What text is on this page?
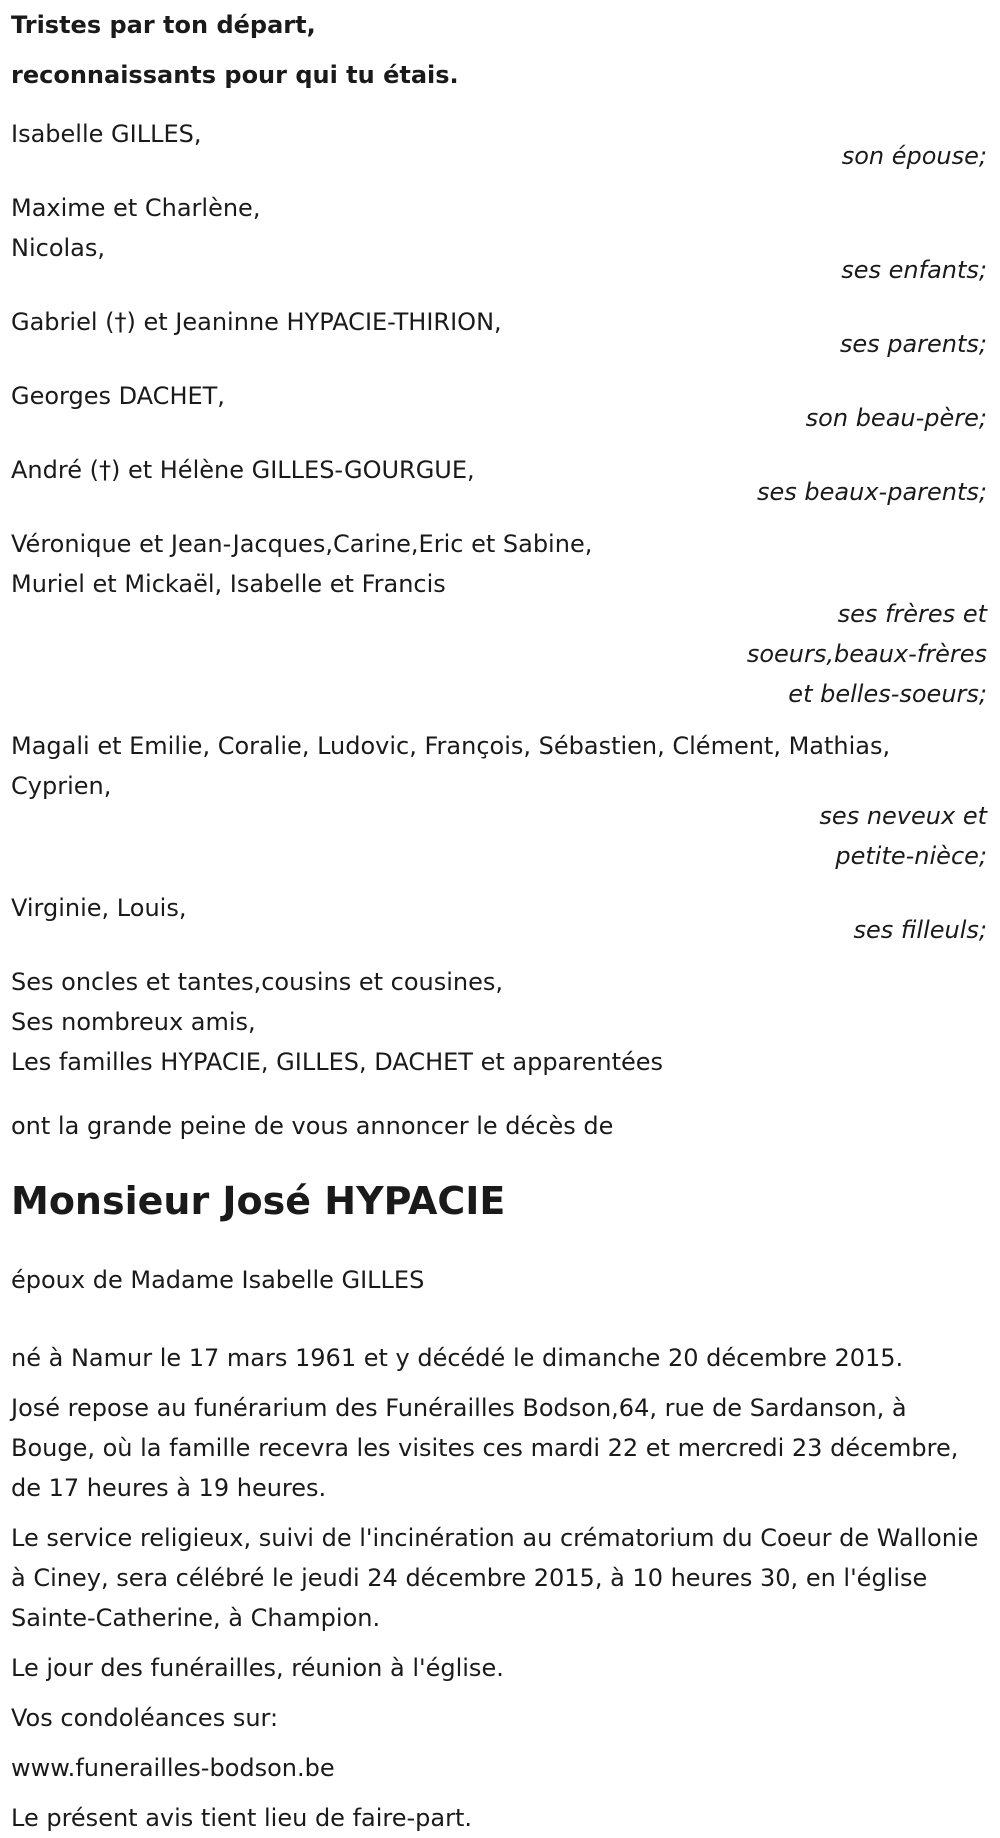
Tristes par ton départ,
reconnaissants pour qui tu étais.
Isabelle GILLES,
son épouse;
Maxime et Charlène,
Nicolas,
ses enfants;
Gabriel (†) et Jeaninne HYPACIE-THIRION,
ses parents;
Georges DACHET,
son beau-père;
André (†) et Hélène GILLES-GOURGUE,
ses beaux-parents;
Véronique et Jean-Jacques,Carine,Eric et Sabine,
Muriel et Mickaël, Isabelle et Francis
ses frères et
soeurs,beaux-frères
et belles-soeurs;
Magali et Emilie, Coralie, Ludovic, François, Sébastien, Clément, Mathias,
Cyprien,
ses neveux et
petite-nièce;
Virginie, Louis,
ses filleuls;
Ses oncles et tantes,cousins et cousines,
Ses nombreux amis,
Les familles HYPACIE, GILLES, DACHET et apparentées
ont la grande peine de vous annoncer le décès de
Monsieur José HYPACIE
époux de Madame Isabelle GILLES
né à Namur le 17 mars 1961 et y décédé le dimanche 20 décembre 2015.
José repose au funérarium des Funérailles Bodson,64, rue de Sardanson, à Bouge, où la famille recevra les visites ces mardi 22 et mercredi 23 décembre, de 17 heures à 19 heures.
Le service religieux, suivi de l'incinération au crématorium du Coeur de Wallonie à Ciney, sera célébré le jeudi 24 décembre 2015, à 10 heures 30, en l'église Sainte-Catherine, à Champion.
Le jour des funérailles, réunion à l'église.
Vos condoléances sur:
www.funerailles-bodson.be
Le présent avis tient lieu de faire-part.
